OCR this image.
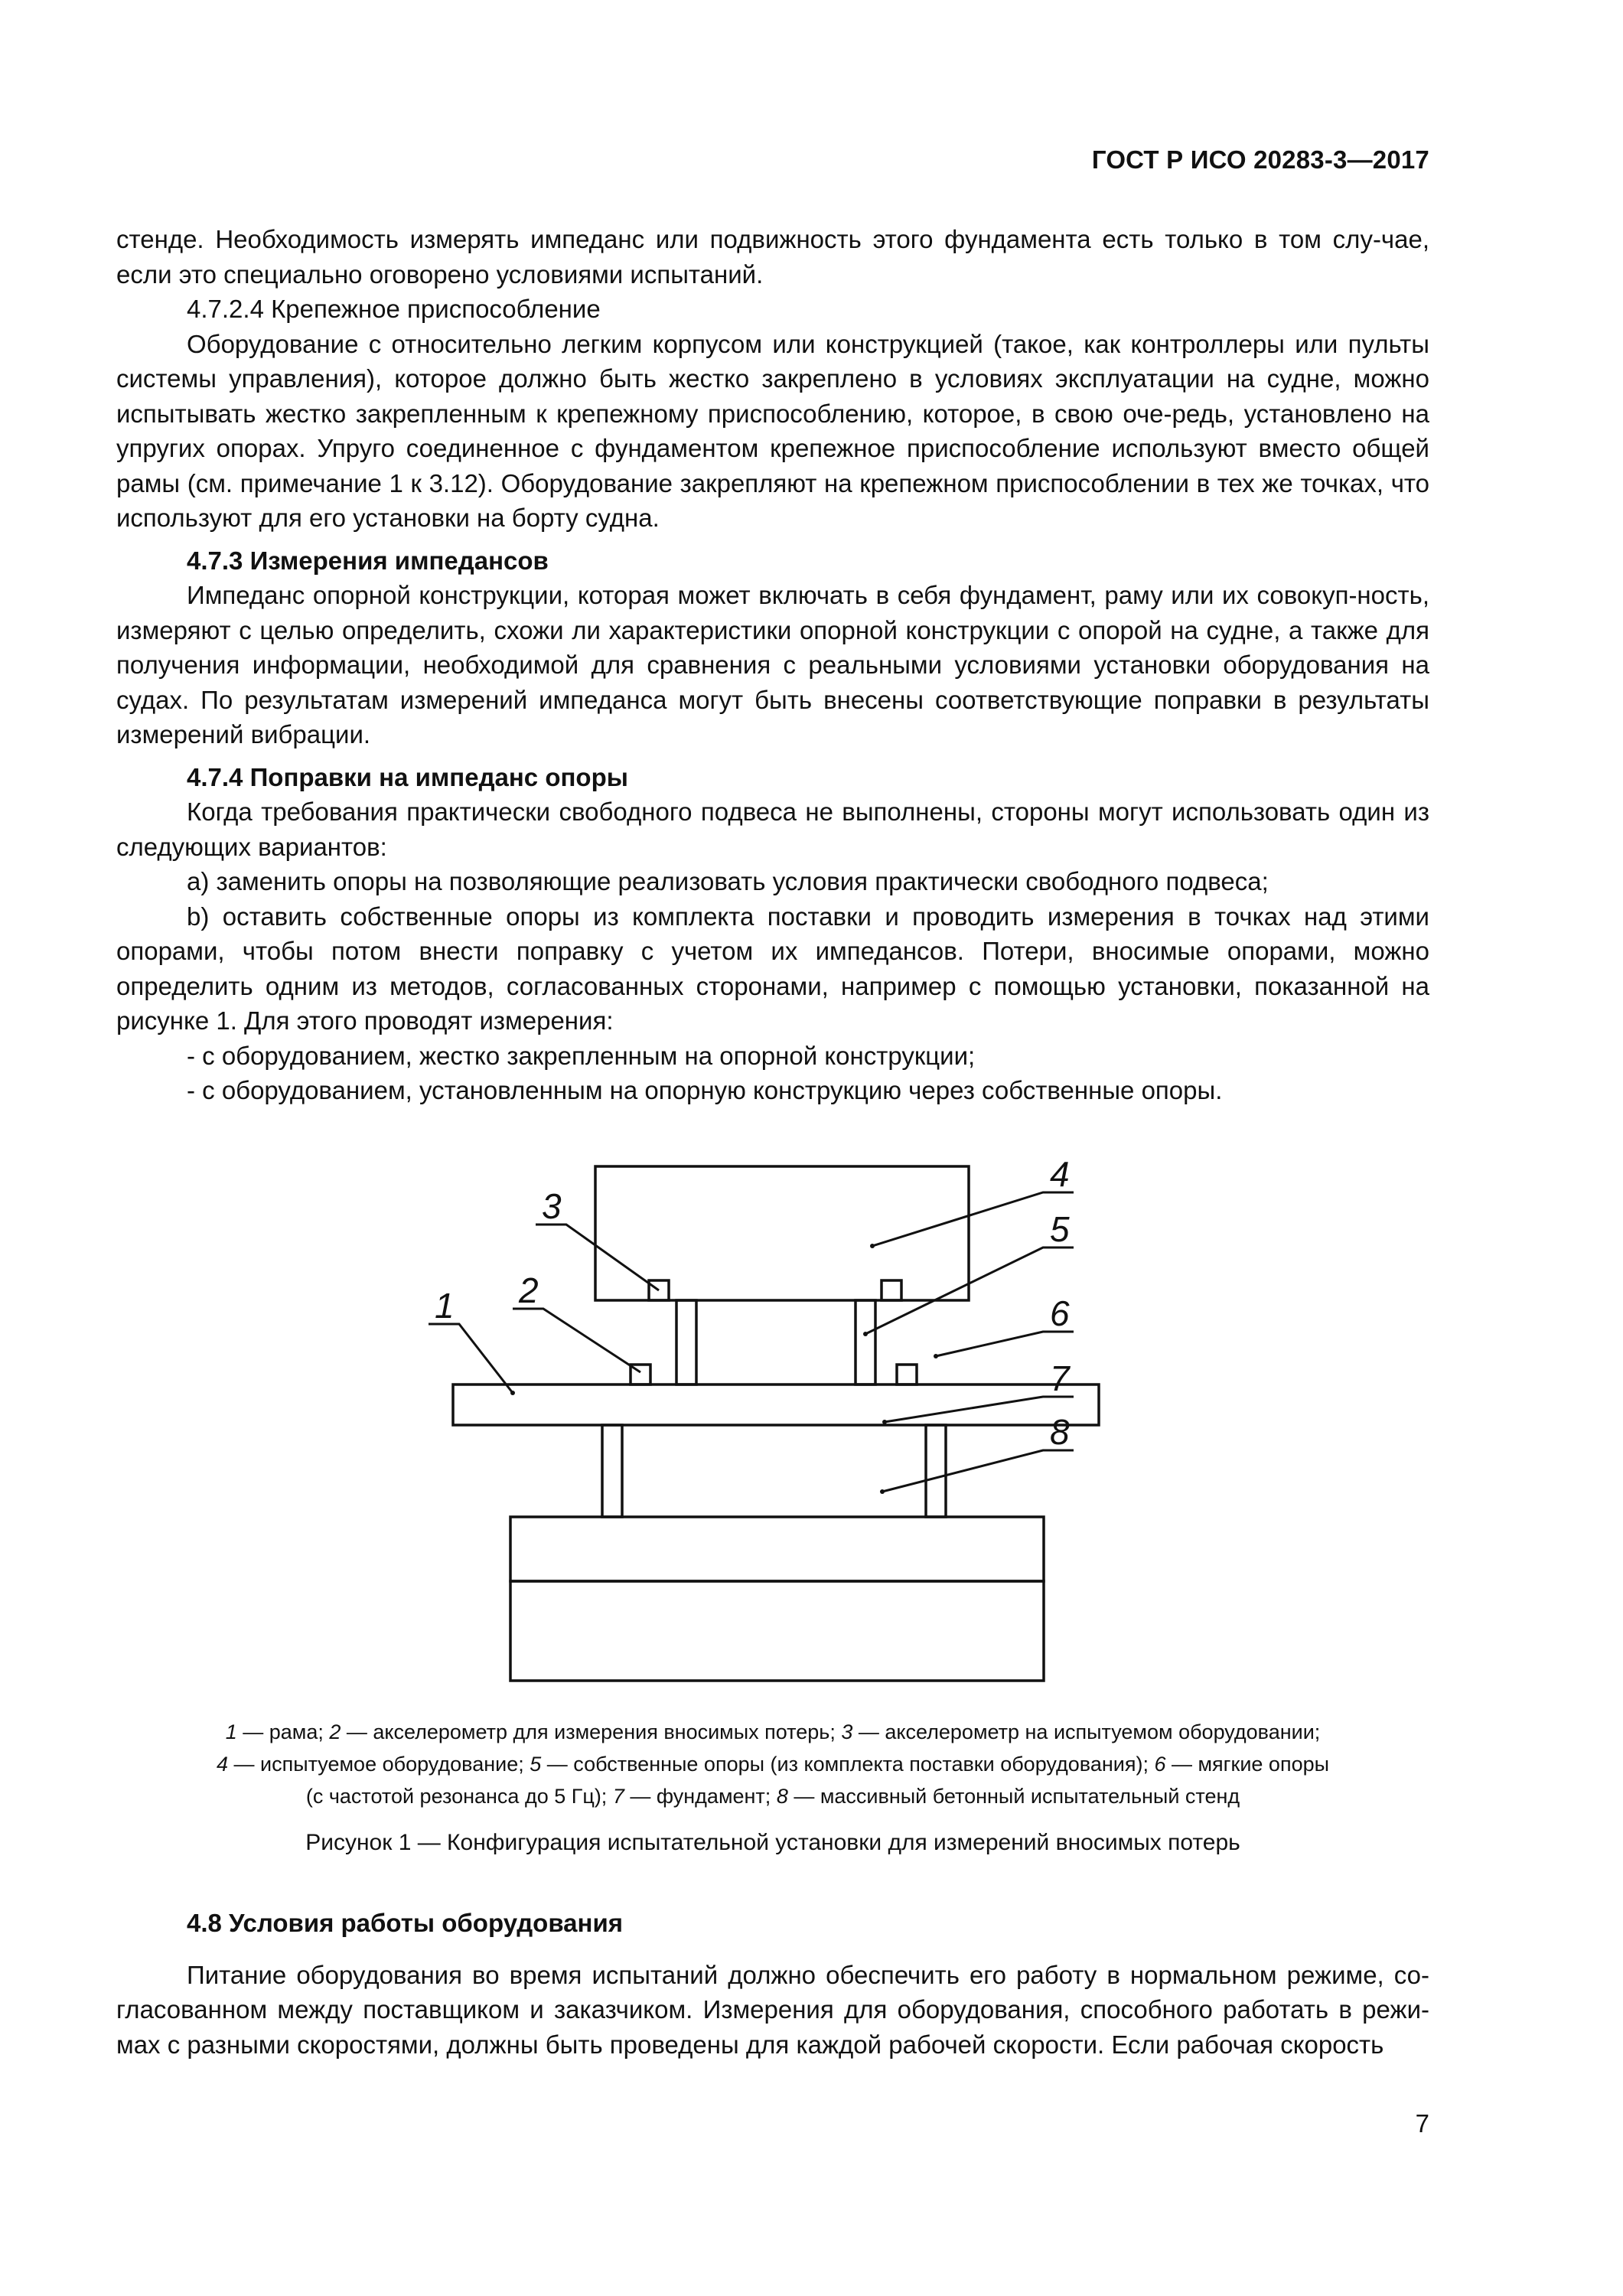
ГОСТ Р ИСО 20283-3—2017

стенде. Необходимость измерять импеданс или подвижность этого фундамента есть только в том слу-чае, если это специально оговорено условиями испытаний.

4.7.2.4 Крепежное приспособление

Оборудование с относительно легким корпусом или конструкцией (такое, как контроллеры или пульты системы управления), которое должно быть жестко закреплено в условиях эксплуатации на судне, можно испытывать жестко закрепленным к крепежному приспособлению, которое, в свою оче-редь, установлено на упругих опорах. Упруго соединенное с фундаментом крепежное приспособление используют вместо общей рамы (см. примечание 1 к 3.12). Оборудование закрепляют на крепежном приспособлении в тех же точках, что используют для его установки на борту судна.

4.7.3 Измерения импедансов

Импеданс опорной конструкции, которая может включать в себя фундамент, раму или их совокуп-ность, измеряют с целью определить, схожи ли характеристики опорной конструкции с опорой на судне, а также для получения информации, необходимой для сравнения с реальными условиями установки оборудования на судах. По результатам измерений импеданса могут быть внесены соответствующие поправки в результаты измерений вибрации.

4.7.4 Поправки на импеданс опоры

Когда требования практически свободного подвеса не выполнены, стороны могут использовать один из следующих вариантов:

a) заменить опоры на позволяющие реализовать условия практически свободного подвеса;

b) оставить собственные опоры из комплекта поставки и проводить измерения в точках над этими опорами, чтобы потом внести поправку с учетом их импедансов. Потери, вносимые опорами, можно определить одним из методов, согласованных сторонами, например с помощью установки, показанной на рисунке 1. Для этого проводят измерения:

- с оборудованием, жестко закрепленным на опорной конструкции;

- с оборудованием, установленным на опорную конструкцию через собственные опоры.

1 2
3
4
5
6
7
8

1 — рама; 2 — акселерометр для измерения вносимых потерь; 3 — акселерометр на испытуемом оборудовании;

4 — испытуемое оборудование; 5 — собственные опоры (из комплекта поставки оборудования); 6 — мягкие опоры

(с частотой резонанса до 5 Гц); 7 — фундамент; 8 — массивный бетонный испытательный стенд

Рисунок 1 — Конфигурация испытательной установки для измерений вносимых потерь

4.8 Условия работы оборудования

Питание оборудования во время испытаний должно обеспечить его работу в нормальном режиме, со-гласованном между поставщиком и заказчиком. Измерения для оборудования, способного работать в режи-мах с разными скоростями, должны быть проведены для каждой рабочей скорости. Если рабочая скорость

7
